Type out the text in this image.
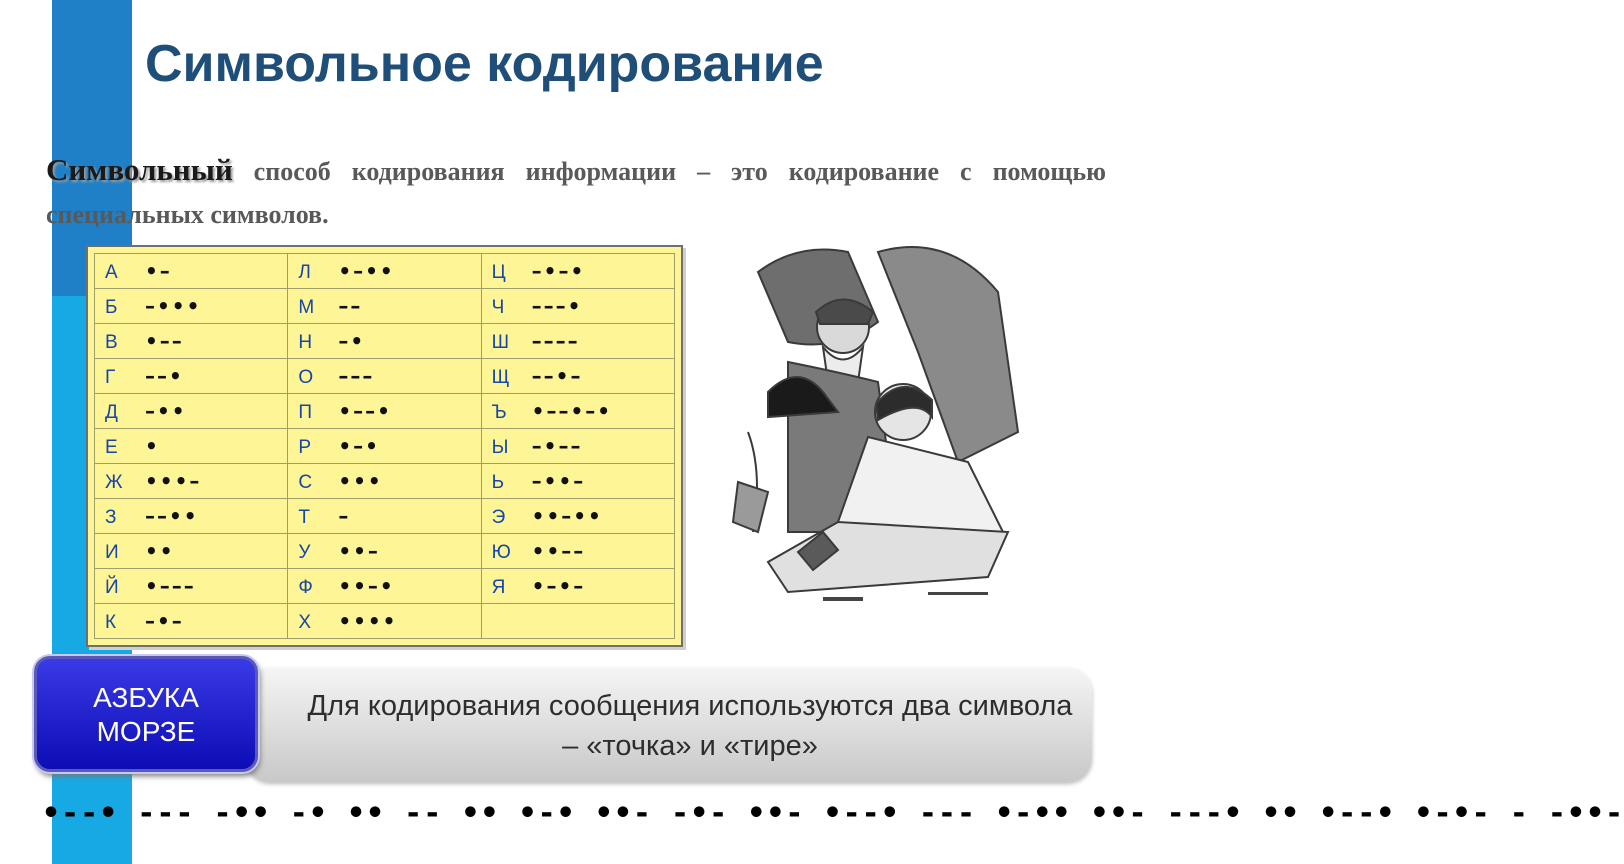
Символьное кодирование

Символьный способ кодирования информации – это кодирование с помощью специальных символов.

А •–	Л •–••	Ц –•–•
Б –•••	М ––	Ч –––•
В •––	Н –•	Ш ––––
Г ––•	О –––	Щ ––•–
Д –••	П •––•	Ъ •––•–•
Е •	Р •–•	Ы –•––
Ж •••–	С •••	Ь –••–
З ––••	Т –	Э ••–••
И ••	У ••–	Ю ••––
Й •–––	Ф ••–•	Я •–•–
К –•–	Х ••••	

Для кодирования сообщения используются два символа – «точка» и «тире»

АЗБУКА
МОРЗЕ
•--• --- -•• -• •• -- •• •-• ••- -•- ••- •--• --- •-•• ••- ---• •• •--• •-•- - -••-
